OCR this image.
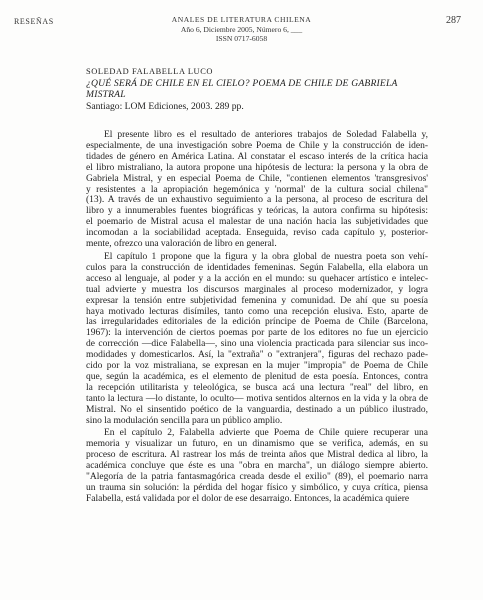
RESEÑAS	ANALES DE LITERATURA CHILENA
Año 6, Diciembre 2005, Número 6, ___
ISSN 0717-6058
287
SOLEDAD FALABELLA LUCO
¿QUÉ SERÁ DE CHILE EN EL CIELO? POEMA DE CHILE DE GABRIELA
MISTRAL
Santiago: LOM Ediciones, 2003. 289 pp.

El presente libro es el resultado de anteriores trabajos de Soledad Falabella y,
especialmente, de una investigación sobre Poema de Chile y la construcción de iden-
tidades de género en América Latina. Al constatar el escaso interés de la crítica hacia
el libro mistraliano, la autora propone una hipótesis de lectura: la persona y la obra de
Gabriela Mistral, y en especial Poema de Chile, "contienen elementos 'transgresivos'
y resistentes a la apropiación hegemónica y 'normal' de la cultura social chilena"
(13). A través de un exhaustivo seguimiento a la persona, al proceso de escritura del
libro y a innumerables fuentes biográficas y teóricas, la autora confirma su hipótesis:
el poemario de Mistral acusa el malestar de una nación hacia las subjetividades que
incomodan a la sociabilidad aceptada. Enseguida, reviso cada capítulo y, posterior-
mente, ofrezco una valoración de libro en general.

El capítulo 1 propone que la figura y la obra global de nuestra poeta son vehí-
culos para la construcción de identidades femeninas. Según Falabella, ella elabora un
acceso al lenguaje, al poder y a la acción en el mundo: su quehacer artístico e intelec-
tual advierte y muestra los discursos marginales al proceso modernizador, y logra
expresar la tensión entre subjetividad femenina y comunidad. De ahí que su poesía
haya motivado lecturas disímiles, tanto como una recepción elusiva. Esto, aparte de
las irregularidades editoriales de la edición príncipe de Poema de Chile (Barcelona,
1967): la intervención de ciertos poemas por parte de los editores no fue un ejercicio
de corrección —dice Falabella—, sino una violencia practicada para silenciar sus inco-
modidades y domesticarlos. Así, la "extraña" o "extranjera", figuras del rechazo pade-
cido por la voz mistraliana, se expresan en la mujer "impropia" de Poema de Chile
que, según la académica, es el elemento de plenitud de esta poesía. Entonces, contra
la recepción utilitarista y teleológica, se busca acá una lectura "real" del libro, en
tanto la lectura —lo distante, lo oculto— motiva sentidos alternos en la vida y la obra de
Mistral. No el sinsentido poético de la vanguardia, destinado a un público ilustrado,
sino la modulación sencilla para un público amplio.

En el capítulo 2, Falabella advierte que Poema de Chile quiere recuperar una
memoria y visualizar un futuro, en un dinamismo que se verifica, además, en su
proceso de escritura. Al rastrear los más de treinta años que Mistral dedica al libro, la
académica concluye que éste es una "obra en marcha", un diálogo siempre abierto.
"Alegoría de la patria fantasmagórica creada desde el exilio" (89), el poemario narra
un trauma sin solución: la pérdida del hogar físico y simbólico, y cuya crítica, piensa
Falabella, está validada por el dolor de ese desarraigo. Entonces, la académica quiere
